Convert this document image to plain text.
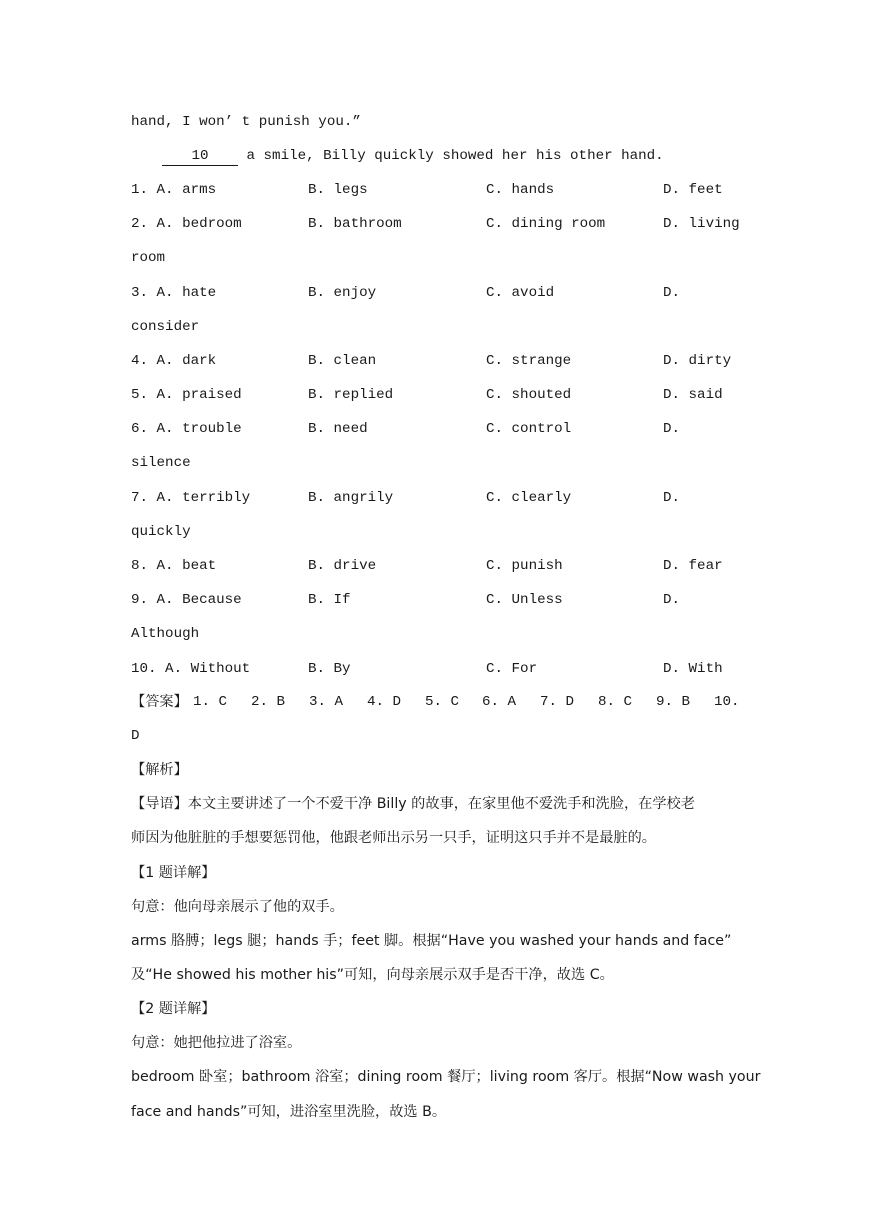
hand, I won’ t punish you.”
10 a smile, Billy quickly showed her his other hand.
1. A. arms	B. legs	C. hands	D. feet
2. A. bedroom	B. bathroom	C. dining room	D. living
room
3. A. hate	B. enjoy	C. avoid	D.
consider
4. A. dark	B. clean	C. strange	D. dirty
5. A. praised	B. replied	C. shouted	D. said
6. A. trouble	B. need	C. control	D.
silence
7. A. terribly	B. angrily	C. clearly	D.
quickly
8. A. beat	B. drive	C. punish	D. fear
9. A. Because	B. If	C. Unless	D.
Although
10. A. Without	B. By	C. For	D. With

【答案】

1. C

2. B

3. A

4. D

5. C

6. A

7. D

8. C

9. B

10.

D
【解析】
【导语】本文主要讲述了一个不爱干净 Billy 的故事，在家里他不爱洗手和洗脸，在学校老
师因为他脏脏的手想要惩罚他，他跟老师出示另一只手，证明这只手并不是最脏的。
【1 题详解】
句意：他向母亲展示了他的双手。
arms 胳膊；legs 腿；hands 手；feet 脚。根据“Have you washed your hands and face”
及“He showed his mother his”可知，向母亲展示双手是否干净，故选 C。
【2 题详解】
句意：她把他拉进了浴室。
bedroom 卧室；bathroom 浴室；dining room 餐厅；living room 客厅。根据“Now wash your
face and hands”可知，进浴室里洗脸，故选 B。
